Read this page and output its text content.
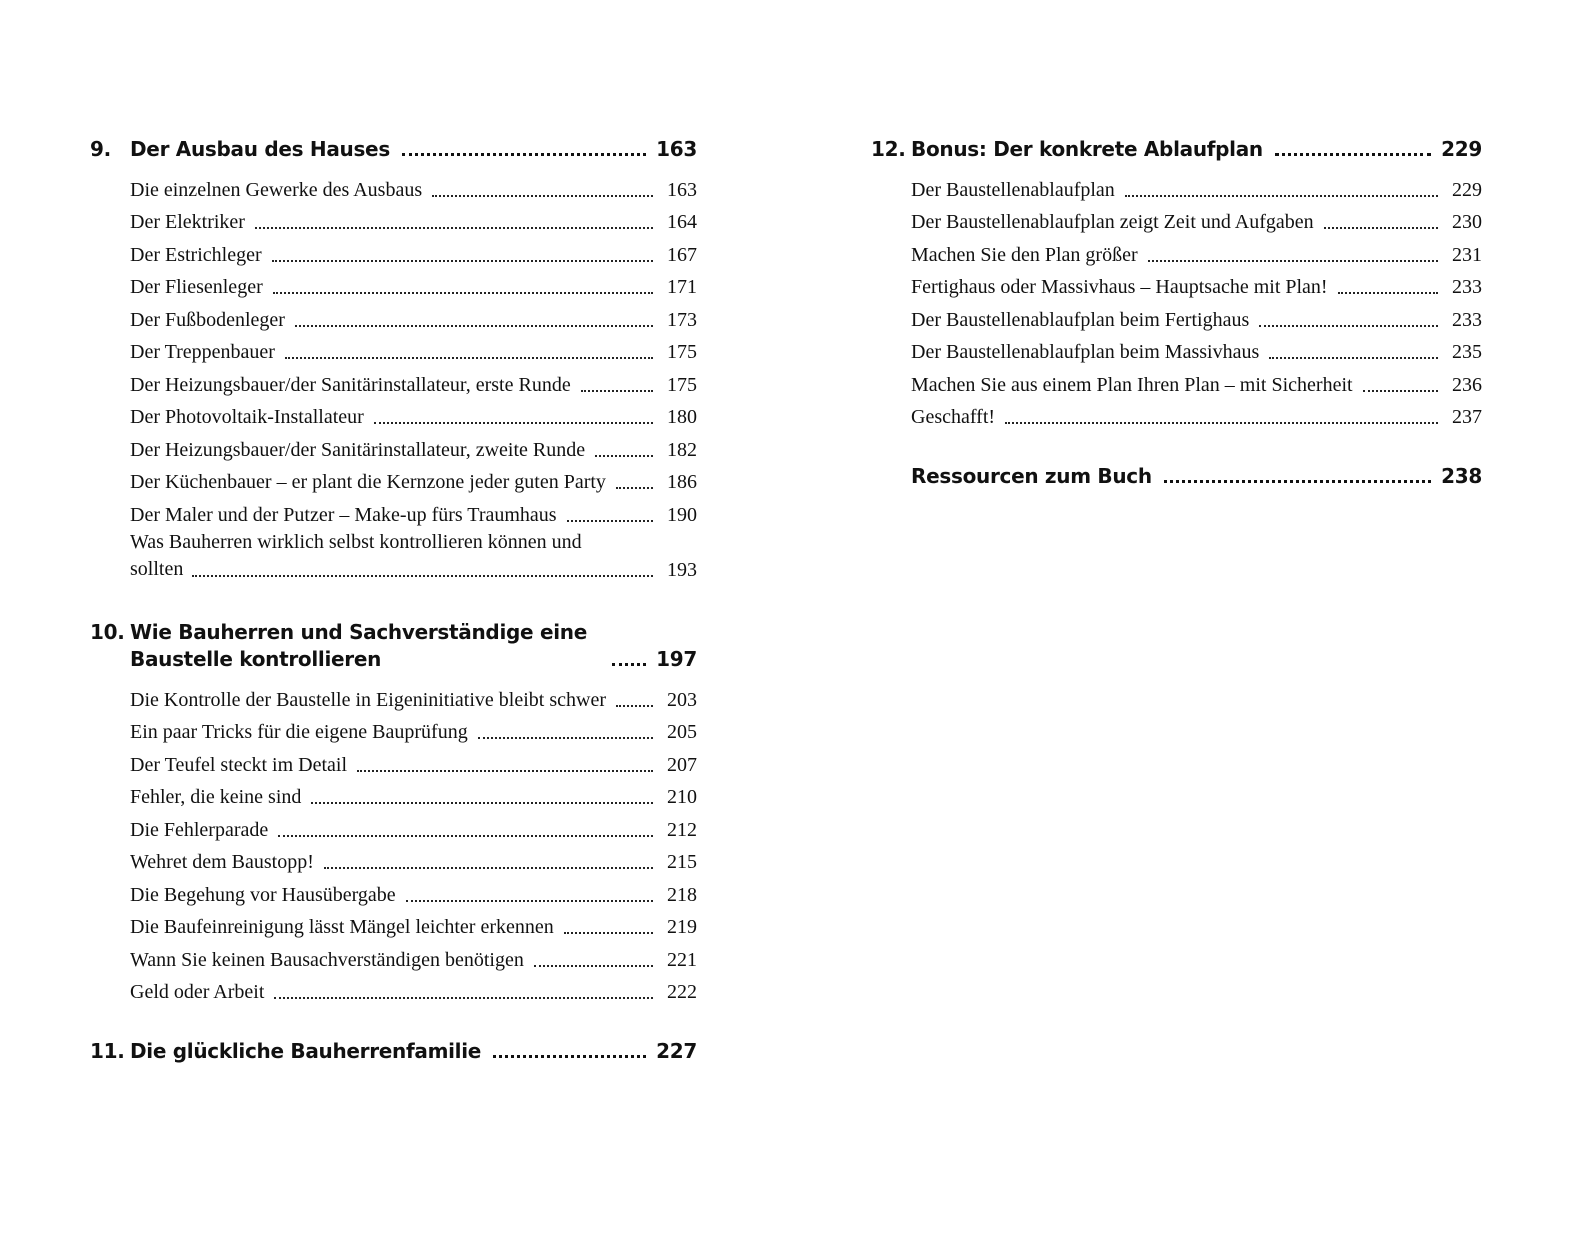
9. Der Ausbau des Hauses	163
Die einzelnen Gewerke des Ausbaus	163
Der Elektriker	164
Der Estrichleger	167
Der Fliesenleger	171
Der Fußbodenleger	173
Der Treppenbauer	175
Der Heizungsbauer/der Sanitärinstallateur, erste Runde	175
Der Photovoltaik-Installateur	180
Der Heizungsbauer/der Sanitärinstallateur, zweite Runde	182
Der Küchenbauer – er plant die Kernzone jeder guten Party	186
Der Maler und der Putzer – Make-up fürs Traumhaus	190
Was Bauherren wirklich selbst kontrollieren können und sollten	193
10. Wie Bauherren und Sachverständige eine Baustelle kontrollieren	197
Die Kontrolle der Baustelle in Eigeninitiative bleibt schwer	203
Ein paar Tricks für die eigene Bauprüfung	205
Der Teufel steckt im Detail	207
Fehler, die keine sind	210
Die Fehlerparade	212
Wehret dem Baustopp!	215
Die Begehung vor Hausübergabe	218
Die Baufeinreinigung lässt Mängel leichter erkennen	219
Wann Sie keinen Bausachverständigen benötigen	221
Geld oder Arbeit	222
11. Die glückliche Bauherrenfamilie	227
12. Bonus: Der konkrete Ablaufplan	229
Der Baustellenablaufplan	229
Der Baustellenablaufplan zeigt Zeit und Aufgaben	230
Machen Sie den Plan größer	231
Fertighaus oder Massivhaus – Hauptsache mit Plan!	233
Der Baustellenablaufplan beim Fertighaus	233
Der Baustellenablaufplan beim Massivhaus	235
Machen Sie aus einem Plan Ihren Plan – mit Sicherheit	236
Geschafft!	237
Ressourcen zum Buch	238
